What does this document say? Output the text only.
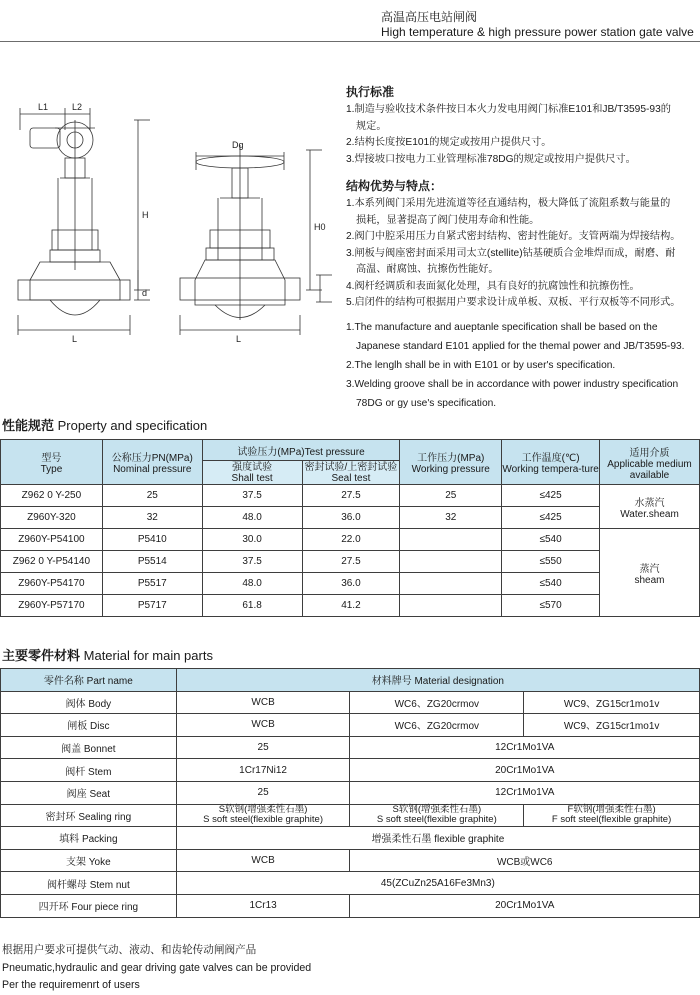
高温高压电站闸阀
High temperature & high pressure power station gate valve
L1	L2
H
d
L
Dg
H0
L
执行标准

1.制造与验收技术条件按日本火力发电用阀门标准E101和JB/T3595-93的

规定。

2.结构长度按E101的规定或按用户提供尺寸。

3.焊接坡口按电力工业管理标准78DG的规定或按用户提供尺寸。

结构优势与特点：

1.本系列阀门采用先进流道等径直通结构，极大降低了流阻系数与能量的

损耗，显著提高了阀门使用寿命和性能。

2.阀门中腔采用压力自紧式密封结构、密封性能好。支管两端为焊接结构。

3.闸板与阀座密封面采用司太立(stellite)钴基硬质合金堆焊而成，耐磨、耐

高温、耐腐蚀、抗擦伤性能好。

4.阀杆经调质和表面氮化处理，具有良好的抗腐蚀性和抗擦伤性。

5.启闭件的结构可根据用户要求设计成单板、双板、平行双板等不同形式。

1.The manufacture and aueptanle specification shall be based on the

Japanese standard E101 applied for the themal power and JB/T3595-93.

2.The lenglh shall be in with E101 or by user's specification.

3.Welding groove shall be in accordance with power industry specification

78DG or gy use's specification.

性能规范 Property and specification
型号
Type	公称压力PN(MPa)
Nominal pressure	试验压力(MPa)Test pressure		工作压力(MPa)
Working pressure	工作温度(℃)
Working tempera-ture	适用介质
Applicable medium available
		强度试验
Shall test	密封试验/上密封试验
Seal test			
Z962 0 Y-250	25	37.5	27.5	25	≤425	水蒸汽
Water.sheam
Z960Y-320	32	48.0	36.0	32	≤425	
Z960Y-P54100	P5410	30.0	22.0		≤540	蒸汽
sheam
Z962 0 Y-P54140	P5514	37.5	27.5		≤550	
Z960Y-P54170	P5517	48.0	36.0		≤540	
Z960Y-P57170	P5717	61.8	41.2		≤570	
主要零件材料 Material for main parts
零件名称 Part name	材料牌号 Material designation		
阀体 Body	WCB	WC6、ZG20crmov	WC9、ZG15cr1mo1v
闸板 Disc	WCB	WC6、ZG20crmov	WC9、ZG15cr1mo1v
阀盖 Bonnet	25	12Cr1Mo1VA	
阀杆 Stem	1Cr17Ni12	20Cr1Mo1VA	
阀座 Seat	25	12Cr1Mo1VA	
密封环 Sealing ring	S软钢(增强柔性石墨)
S soft steel(flexible graphite)	S软钢(增强柔性石墨)
S soft steel(flexible graphite)	F软钢(增强柔性石墨)
F soft steel(flexible graphite)
填料 Packing	增强柔性石墨 flexible graphite		
支架 Yoke	WCB	WCB或WC6	
阀杆螺母 Stem nut	45(ZCuZn25A16Fe3Mn3)		
四开环 Four piece ring	1Cr13	20Cr1Mo1VA	
根据用户要求可提供气动、液动、和齿轮传动闸阀产品
Pneumatic,hydraulic and gear driving gate valves can be provided
Per the requiremenrt of users
